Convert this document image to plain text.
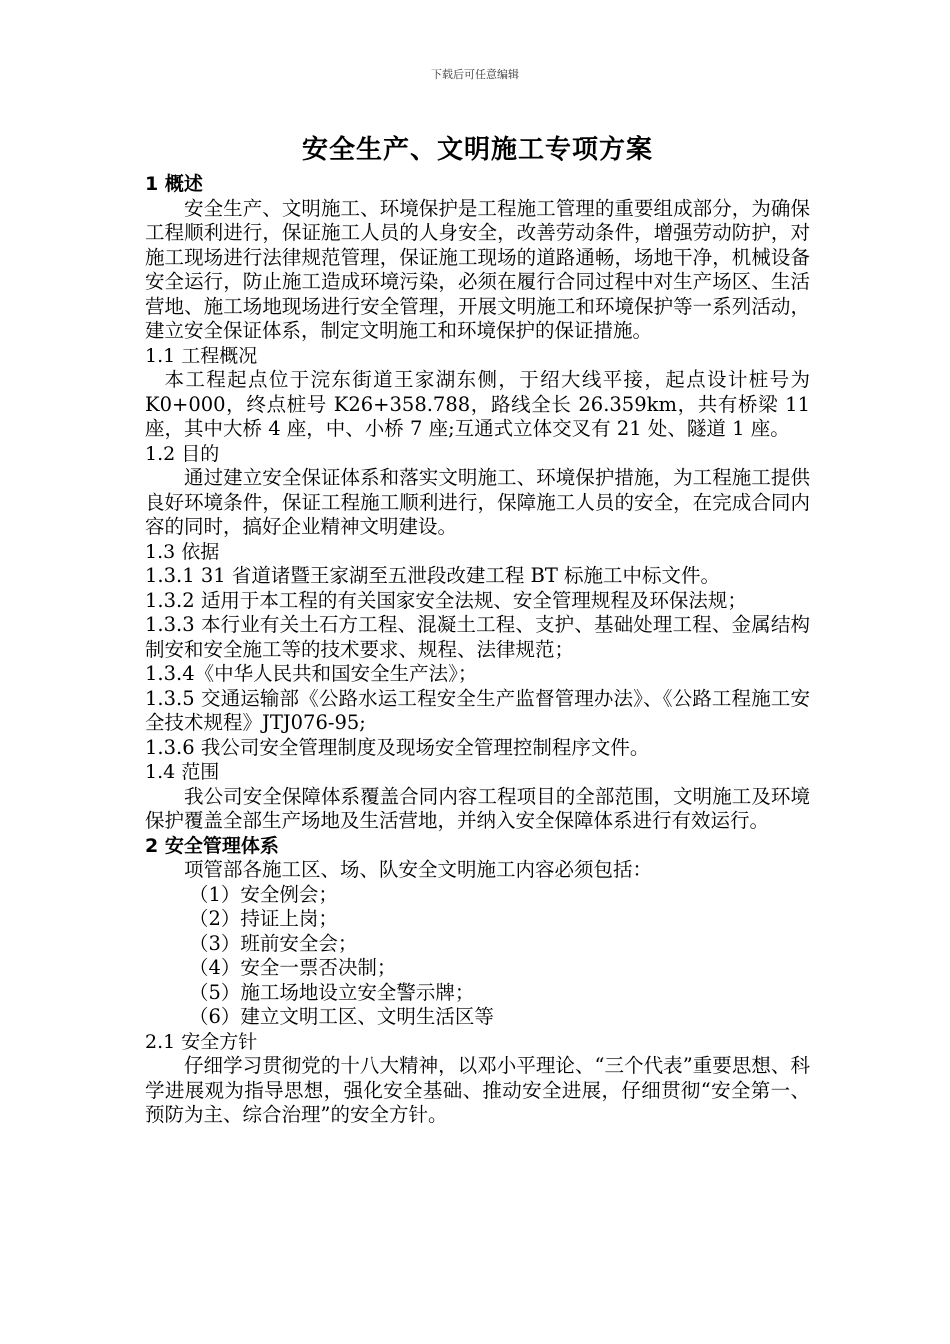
下载后可任意编辑
安全生产、文明施工专项方案
1 概述

安全生产、文明施工、环境保护是工程施工管理的重要组成部分，为确保工程顺利进行，保证施工人员的人身安全，改善劳动条件，增强劳动防护，对施工现场进行法律规范管理，保证施工现场的道路通畅，场地干净，机械设备安全运行，防止施工造成环境污染，必须在履行合同过程中对生产场区、生活营地、施工场地现场进行安全管理，开展文明施工和环境保护等一系列活动，建立安全保证体系，制定文明施工和环境保护的保证措施。

1.1 工程概况

本工程起点位于浣东街道王家湖东侧，于绍大线平接，起点设计桩号为 K0+000，终点桩号 K26+358.788，路线全长 26.359km，共有桥梁 11 座，其中大桥 4 座，中、小桥 7 座;互通式立体交叉有 21 处、隧道 1 座。

1.2 目的

通过建立安全保证体系和落实文明施工、环境保护措施，为工程施工提供良好环境条件，保证工程施工顺利进行，保障施工人员的安全，在完成合同内容的同时，搞好企业精神文明建设。

1.3 依据

1.3.1 31 省道诸暨王家湖至五泄段改建工程 BT 标施工中标文件。

1.3.2 适用于本工程的有关国家安全法规、安全管理规程及环保法规；

1.3.3 本行业有关土石方工程、混凝土工程、支护、基础处理工程、金属结构制安和安全施工等的技术要求、规程、法律规范；

1.3.4《中华人民共和国安全生产法》；

1.3.5 交通运输部《公路水运工程安全生产监督管理办法》、《公路工程施工安全技术规程》JTJ076-95;

1.3.6 我公司安全管理制度及现场安全管理控制程序文件。

1.4 范围

我公司安全保障体系覆盖合同内容工程项目的全部范围，文明施工及环境保护覆盖全部生产场地及生活营地，并纳入安全保障体系进行有效运行。

2 安全管理体系

项管部各施工区、场、队安全文明施工内容必须包括：

（1）安全例会；

（2）持证上岗；

（3）班前安全会；

（4）安全一票否决制；

（5）施工场地设立安全警示牌；

（6）建立文明工区、文明生活区等

2.1 安全方针

仔细学习贯彻党的十八大精神，以邓小平理论、“三个代表”重要思想、科学进展观为指导思想，强化安全基础、推动安全进展，仔细贯彻“安全第一、预防为主、综合治理”的安全方针。
